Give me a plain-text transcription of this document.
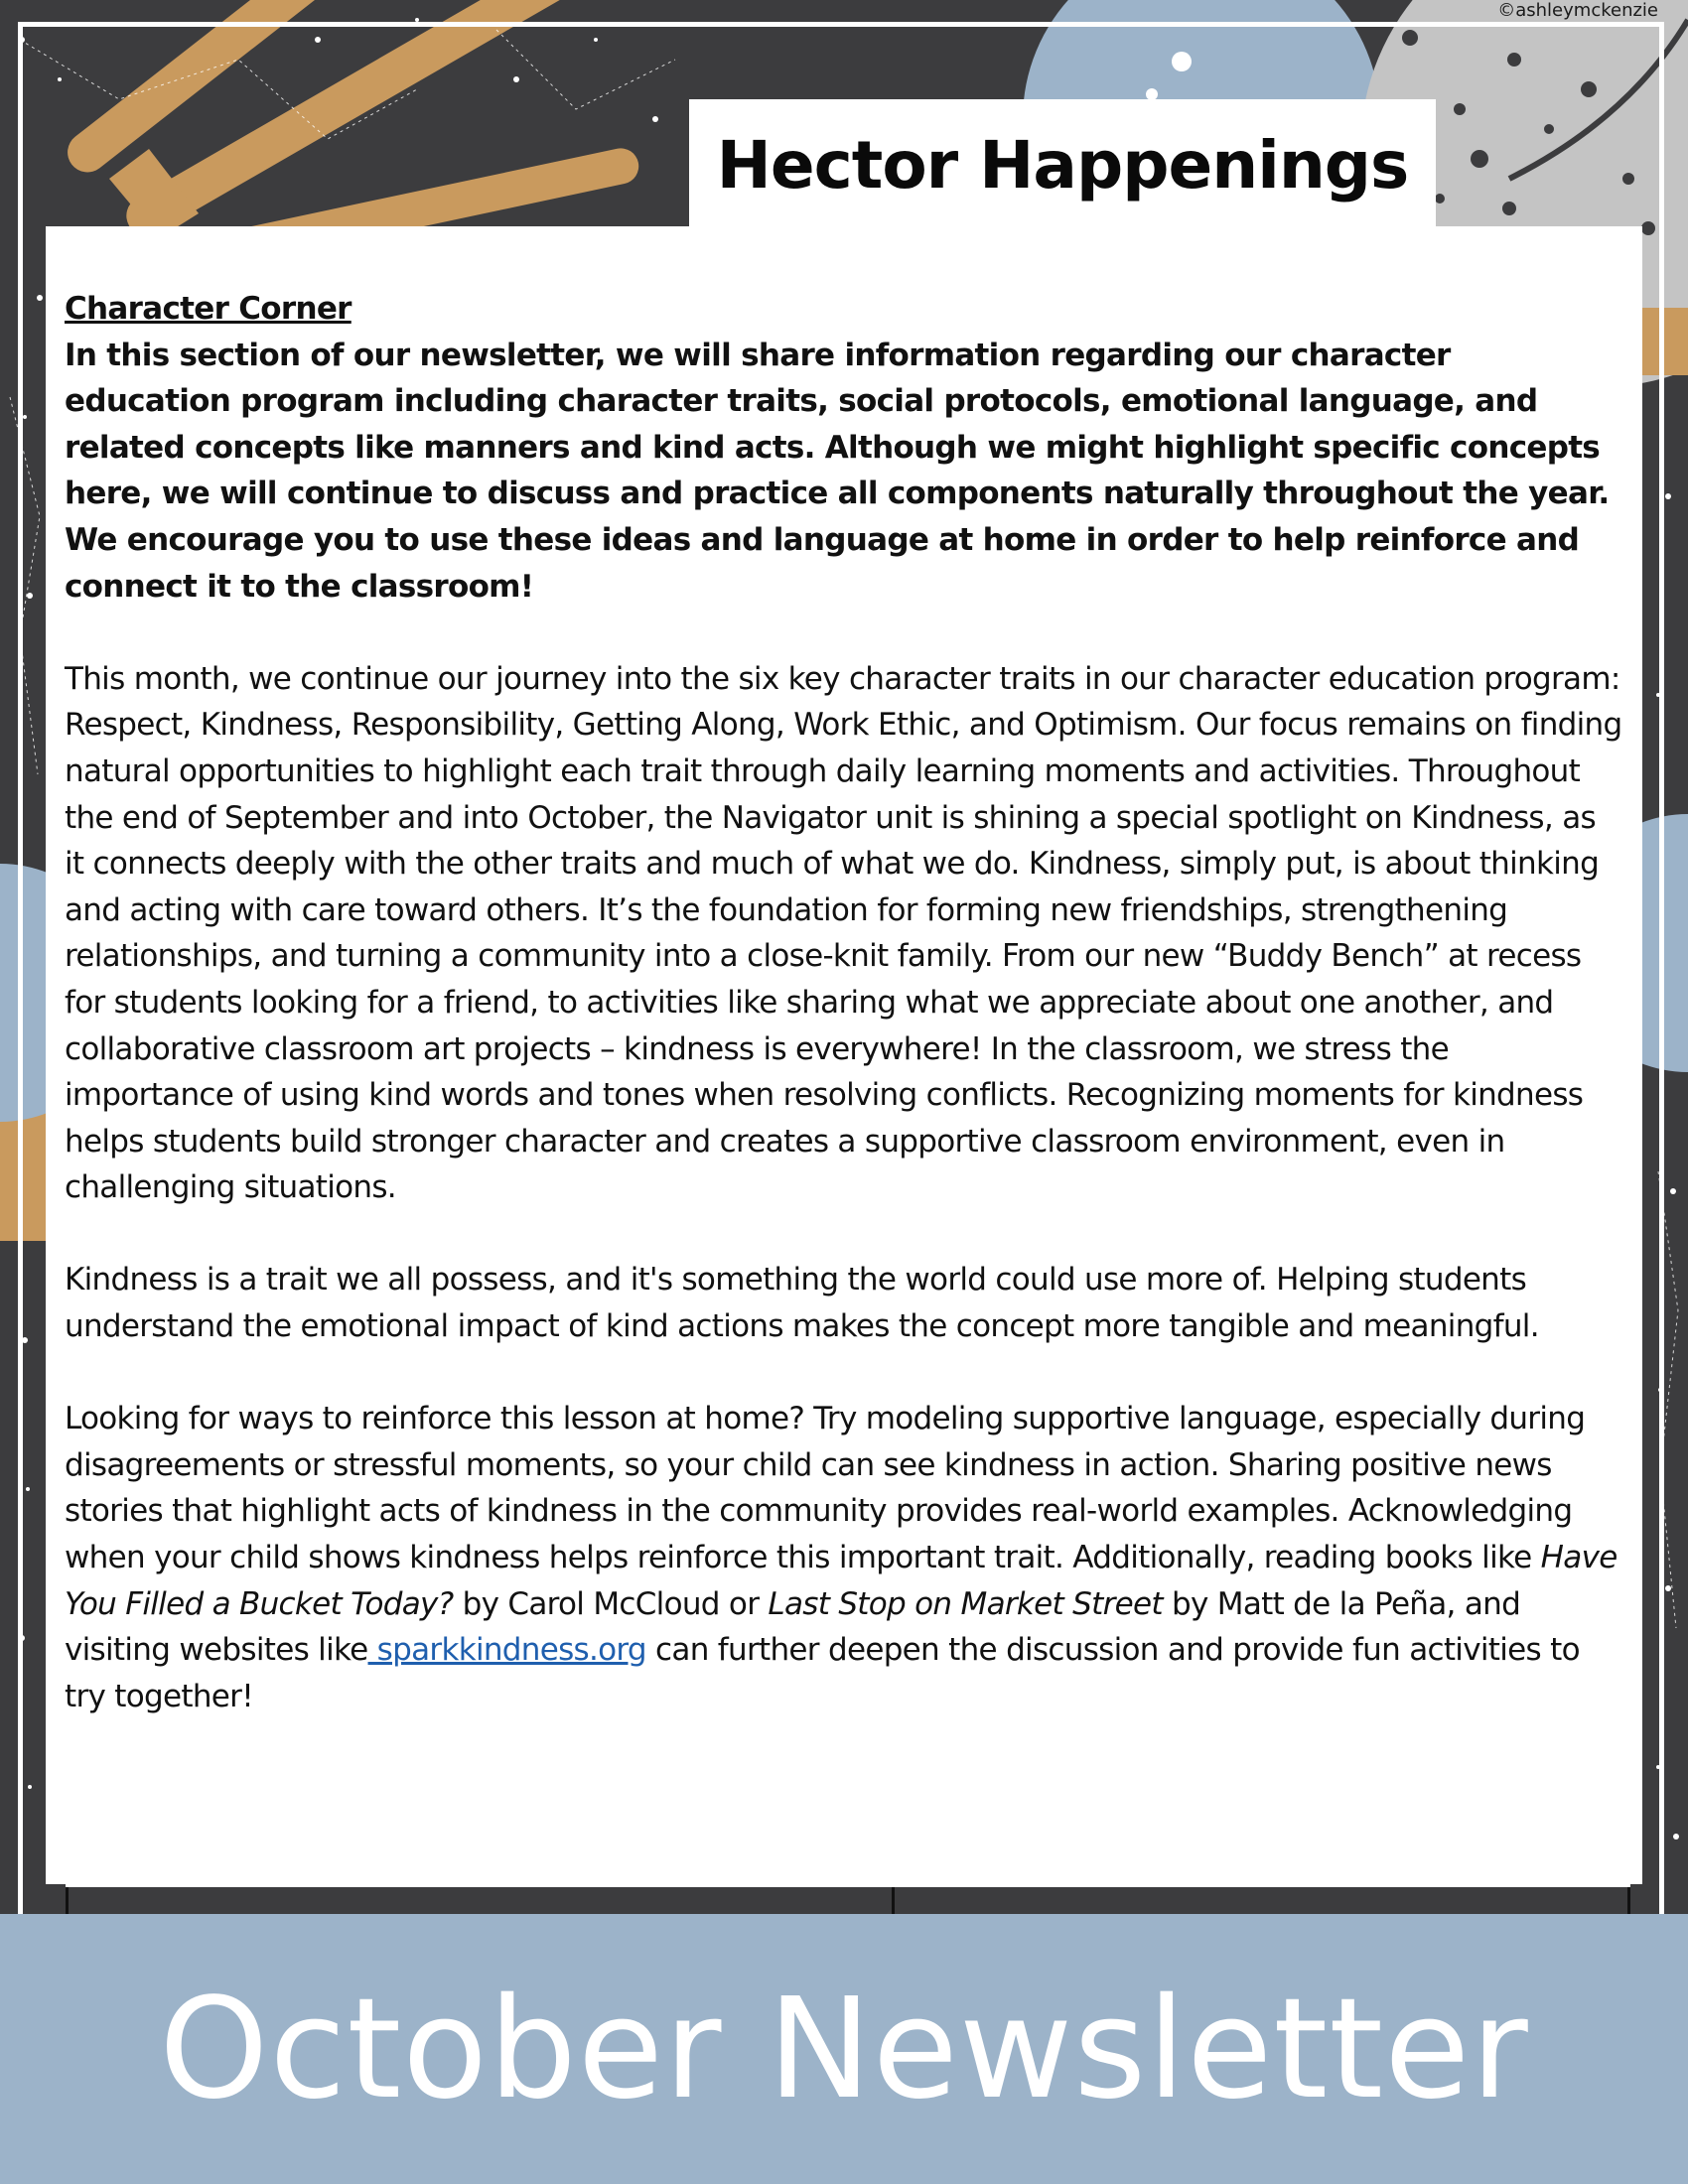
©ashleymckenzie
Hector Happenings

Character Corner
In this section of our newsletter, we will share information regarding our character education program including character traits, social protocols, emotional language, and related concepts like manners and kind acts. Although we might highlight specific concepts here, we will continue to discuss and practice all components naturally throughout the year. We encourage you to use these ideas and language at home in order to help reinforce and connect it to the classroom!

This month, we continue our journey into the six key character traits in our character education program: Respect, Kindness, Responsibility, Getting Along, Work Ethic, and Optimism. Our focus remains on finding natural opportunities to highlight each trait through daily learning moments and activities. Throughout the end of September and into October, the Navigator unit is shining a special spotlight on Kindness, as it connects deeply with the other traits and much of what we do. Kindness, simply put, is about thinking and acting with care toward others. It’s the foundation for forming new friendships, strengthening relationships, and turning a community into a close-knit family. From our new “Buddy Bench” at recess for students looking for a friend, to activities like sharing what we appreciate about one another, and collaborative classroom art projects – kindness is everywhere! In the classroom, we stress the importance of using kind words and tones when resolving conflicts. Recognizing moments for kindness helps students build stronger character and creates a supportive classroom environment, even in challenging situations.

Kindness is a trait we all possess, and it's something the world could use more of. Helping students understand the emotional impact of kind actions makes the concept more tangible and meaningful.

Looking for ways to reinforce this lesson at home? Try modeling supportive language, especially during disagreements or stressful moments, so your child can see kindness in action. Sharing positive news stories that highlight acts of kindness in the community provides real-world examples. Acknowledging when your child shows kindness helps reinforce this important trait. Additionally, reading books like Have You Filled a Bucket Today? by Carol McCloud or Last Stop on Market Street by Matt de la Peña, and visiting websites like sparkkindness.org can further deepen the discussion and provide fun activities to try together!

October Newsletter
